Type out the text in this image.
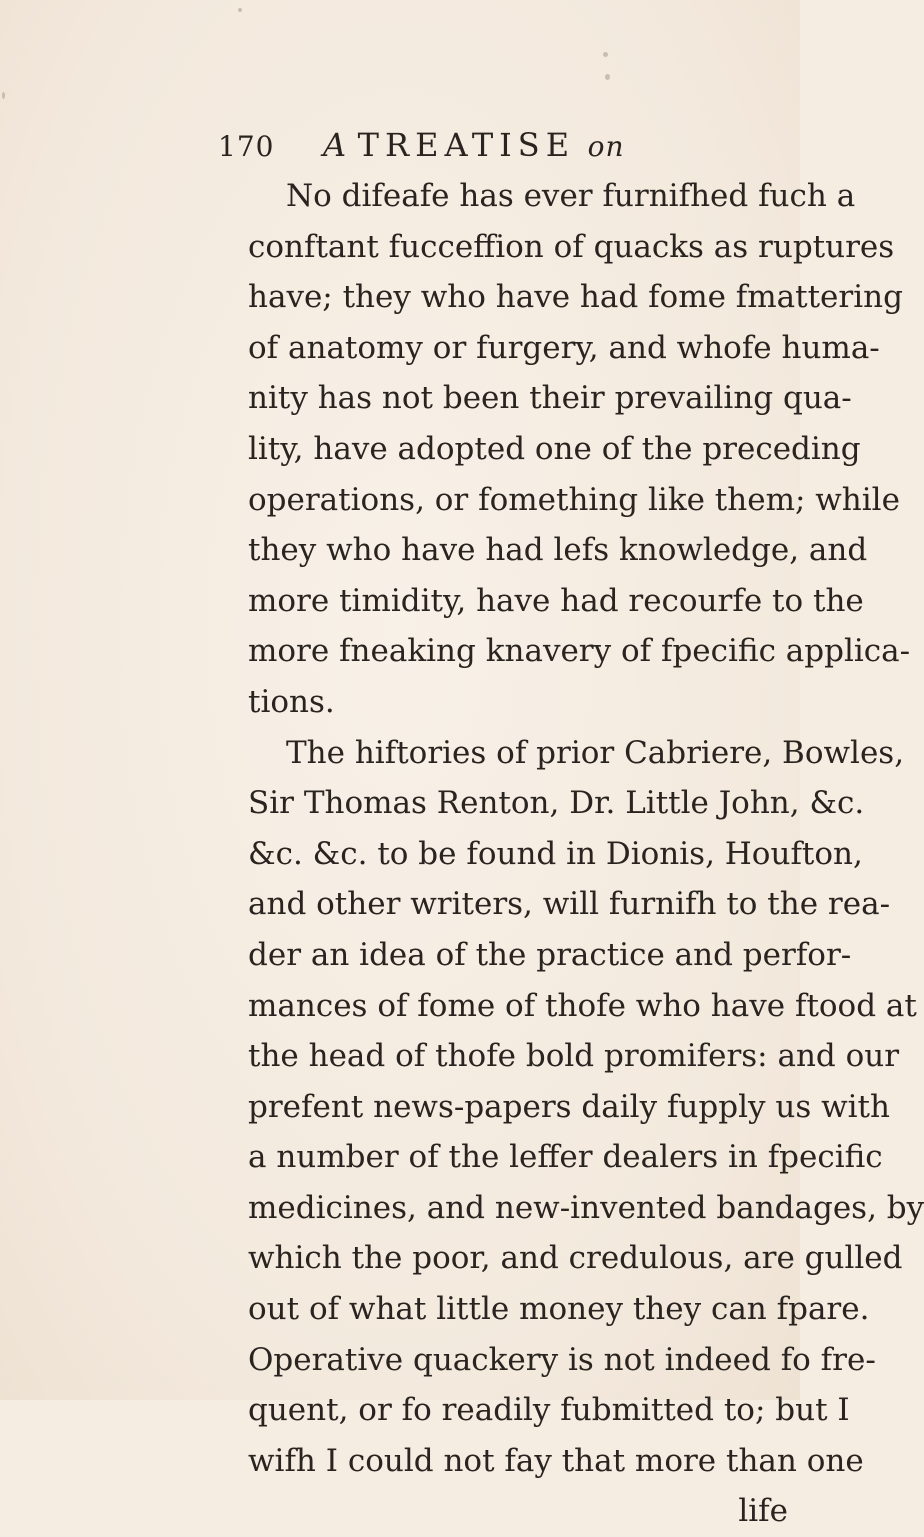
170 A TREATISE on
No difeafe has ever furnifhed fuch a
conftant fucceffion of quacks as ruptures
have; they who have had fome fmattering
of anatomy or furgery, and whofe huma-
nity has not been their prevailing qua-
lity, have adopted one of the preceding
operations, or fomething like them; while
they who have had lefs knowledge, and
more timidity, have had recourfe to the
more fneaking knavery of fpecific applica-
tions.
The hiftories of prior Cabriere, Bowles,
Sir Thomas Renton, Dr. Little John, &c.
&c. &c. to be found in Dionis, Houfton,
and other writers, will furnifh to the rea-
der an idea of the practice and perfor-
mances of fome of thofe who have ftood at
the head of thofe bold promifers: and our
prefent news-papers daily fupply us with
a number of the leffer dealers in fpecific
medicines, and new-invented bandages, by
which the poor, and credulous, are gulled
out of what little money they can fpare.
Operative quackery is not indeed fo fre-
quent, or fo readily fubmitted to; but I
wifh I could not fay that more than one
life
